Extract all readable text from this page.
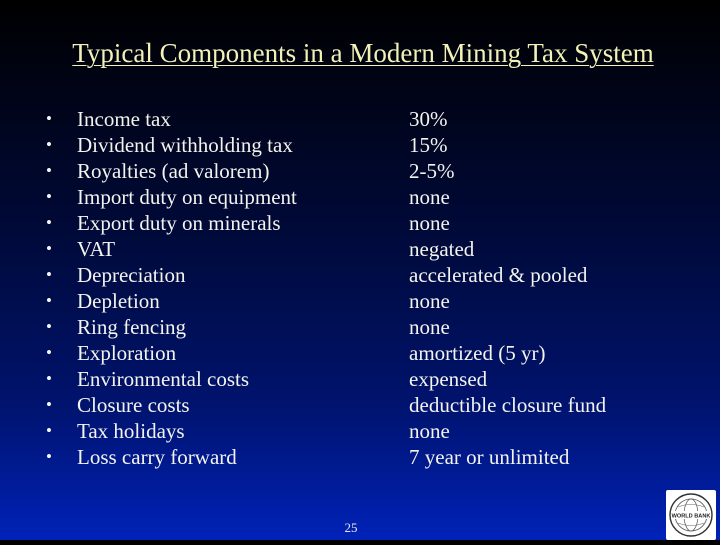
Typical Components in a Modern Mining Tax System
• Income tax	30%
• Dividend withholding tax	15%
• Royalties (ad valorem)	2-5%
• Import duty on equipment	none
• Export duty on minerals	none
• VAT	negated
• Depreciation	accelerated & pooled
• Depletion	none
• Ring fencing	none
• Exploration	amortized (5 yr)
• Environmental costs	expensed
• Closure costs	deductible closure fund
• Tax holidays	none
• Loss carry forward	7 year or unlimited
25
WORLD BANK
